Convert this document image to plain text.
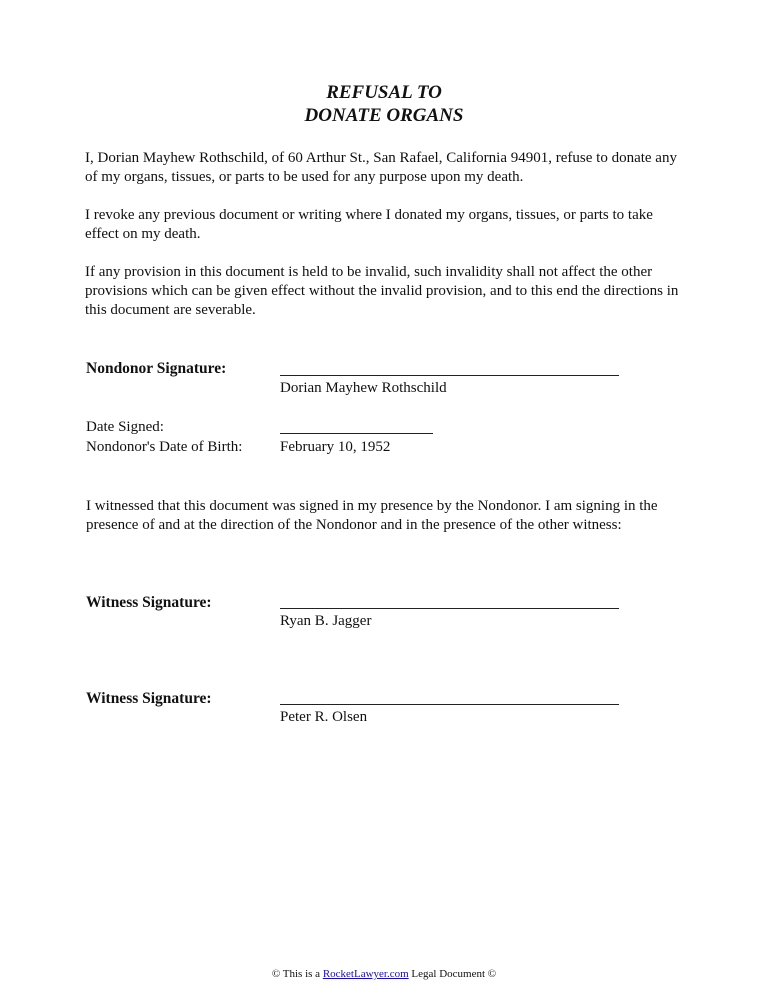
REFUSAL TO
DONATE ORGANS
I, Dorian Mayhew Rothschild, of 60 Arthur St., San Rafael, California 94901, refuse to donate any of my organs, tissues, or parts to be used for any purpose upon my death.
I revoke any previous document or writing where I donated my organs, tissues, or parts to take effect on my death.
If any provision in this document is held to be invalid, such invalidity shall not affect the other provisions which can be given effect without the invalid provision, and to this end the directions in this document are severable.
Nondonor Signature:
Dorian Mayhew Rothschild
Date Signed:
Nondonor's Date of Birth:	February 10, 1952
I witnessed that this document was signed in my presence by the Nondonor. I am signing in the presence of and at the direction of the Nondonor and in the presence of the other witness:
Witness Signature:
Ryan B. Jagger
Witness Signature:
Peter R. Olsen
© This is a RocketLawyer.com Legal Document ©
